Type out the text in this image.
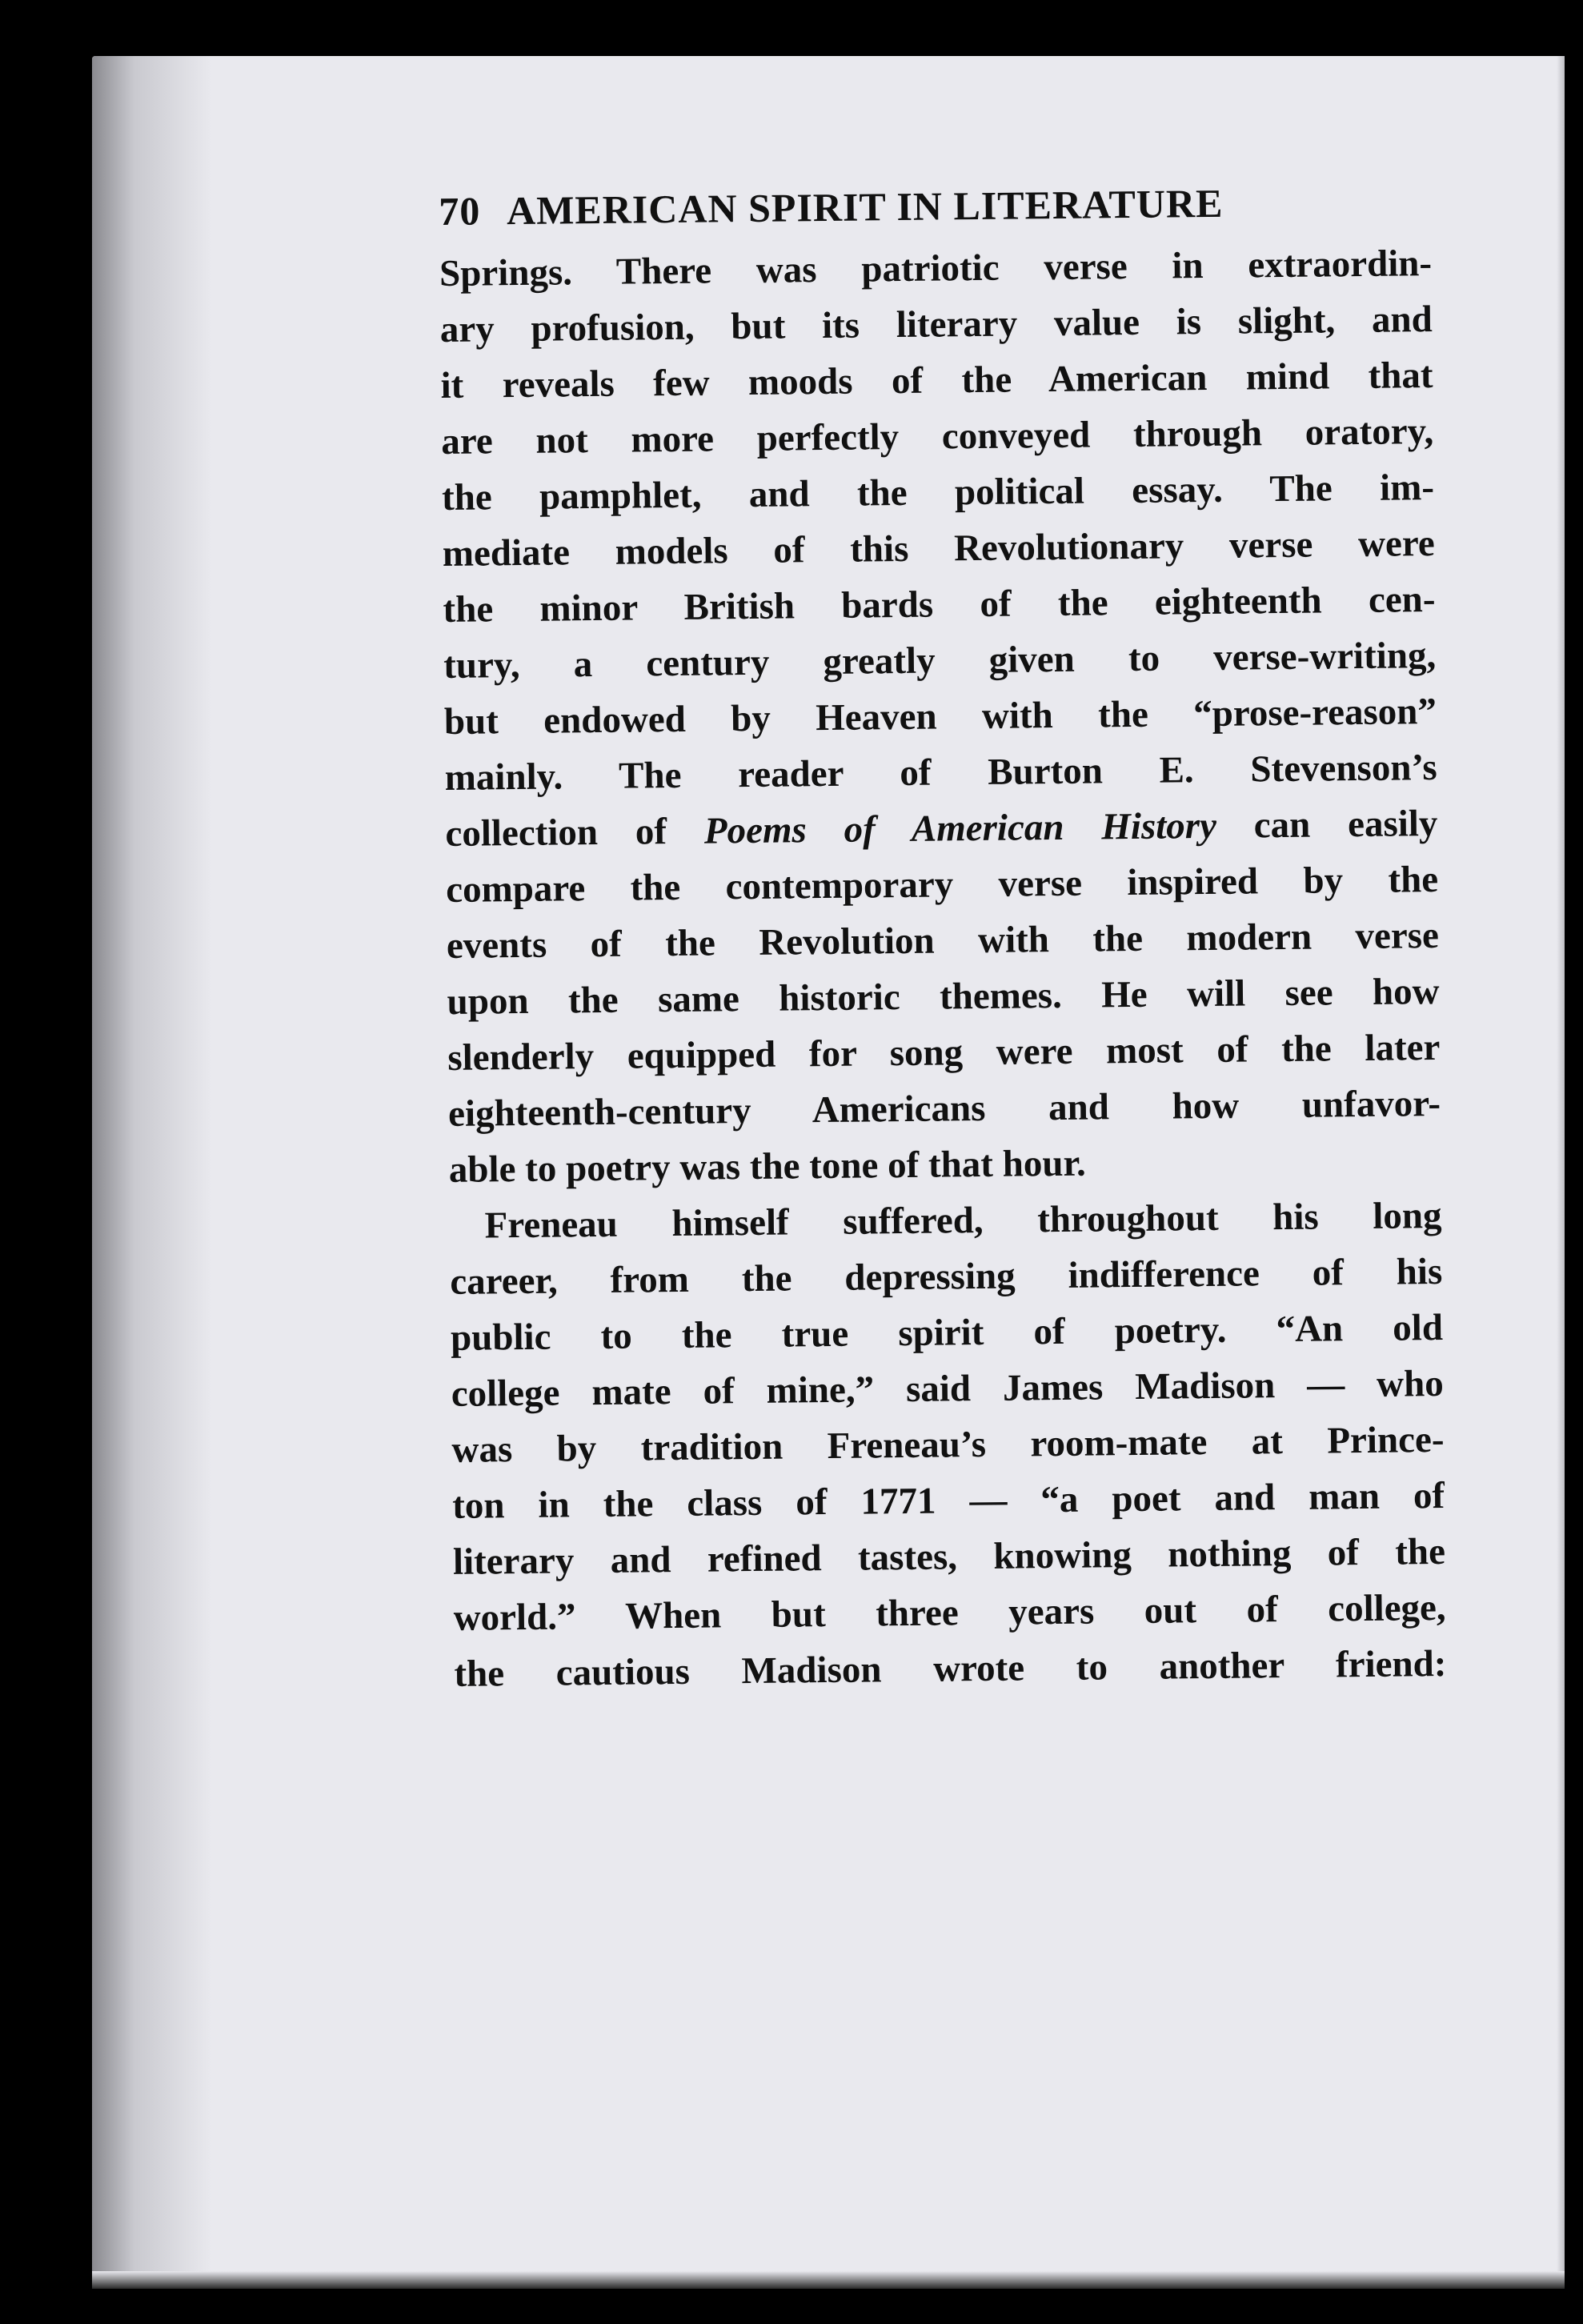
70 AMERICAN SPIRIT IN LITERATURE
Springs. There was patriotic verse in extraordin-
ary profusion, but its literary value is slight, and
it reveals few moods of the American mind that
are not more perfectly conveyed through oratory,
the pamphlet, and the political essay. The im-
mediate models of this Revolutionary verse were
the minor British bards of the eighteenth cen-
tury, a century greatly given to verse-writing,
but endowed by Heaven with the “prose-reason”
mainly. The reader of Burton E. Stevenson’s
collection of Poems of American History can easily
compare the contemporary verse inspired by the
events of the Revolution with the modern verse
upon the same historic themes. He will see how
slenderly equipped for song were most of the later
eighteenth-century Americans and how unfavor-
able to poetry was the tone of that hour.
Freneau himself suffered, throughout his long
career, from the depressing indifference of his
public to the true spirit of poetry. “An old
college mate of mine,” said James Madison — who
was by tradition Freneau’s room-mate at Prince-
ton in the class of 1771 — “a poet and man of
literary and refined tastes, knowing nothing of the
world.” When but three years out of college,
the cautious Madison wrote to another friend:
